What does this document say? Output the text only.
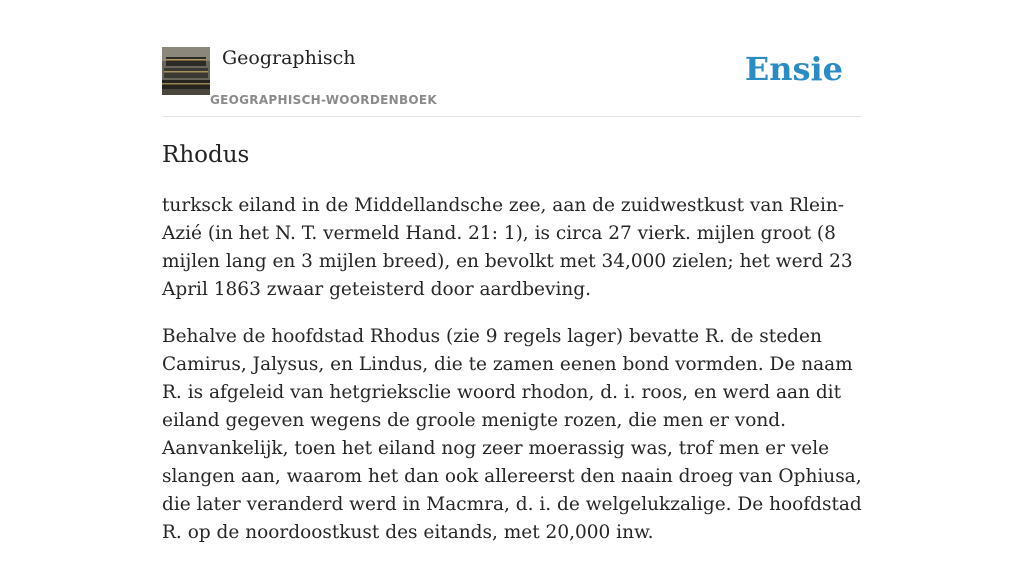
Geographisch
GEOGRAPHISCH-WOORDENBOEK
Ensie
Rhodus

turksck eiland in de Middellandsche zee, aan de zuidwestkust van Rlein-Azié (in het N. T. vermeld Hand. 21: 1), is circa 27 vierk. mijlen groot (8 mijlen lang en 3 mijlen breed), en bevolkt met 34,000 zielen; het werd 23 April 1863 zwaar geteisterd door aardbeving.

Behalve de hoofdstad Rhodus (zie 9 regels lager) bevatte R. de steden Camirus, Jalysus, en Lindus, die te zamen eenen bond vormden. De naam R. is afgeleid van hetgrieksclie woord rhodon, d. i. roos, en werd aan dit eiland gegeven wegens de groole menigte rozen, die men er vond. Aanvankelijk, toen het eiland nog zeer moerassig was, trof men er vele slangen aan, waarom het dan ook allereerst den naain droeg van Ophiusa, die later veranderd werd in Macmra, d. i. de welgelukzalige. De hoofdstad R. op de noordoostkust des eitands, met 20,000 inw.
